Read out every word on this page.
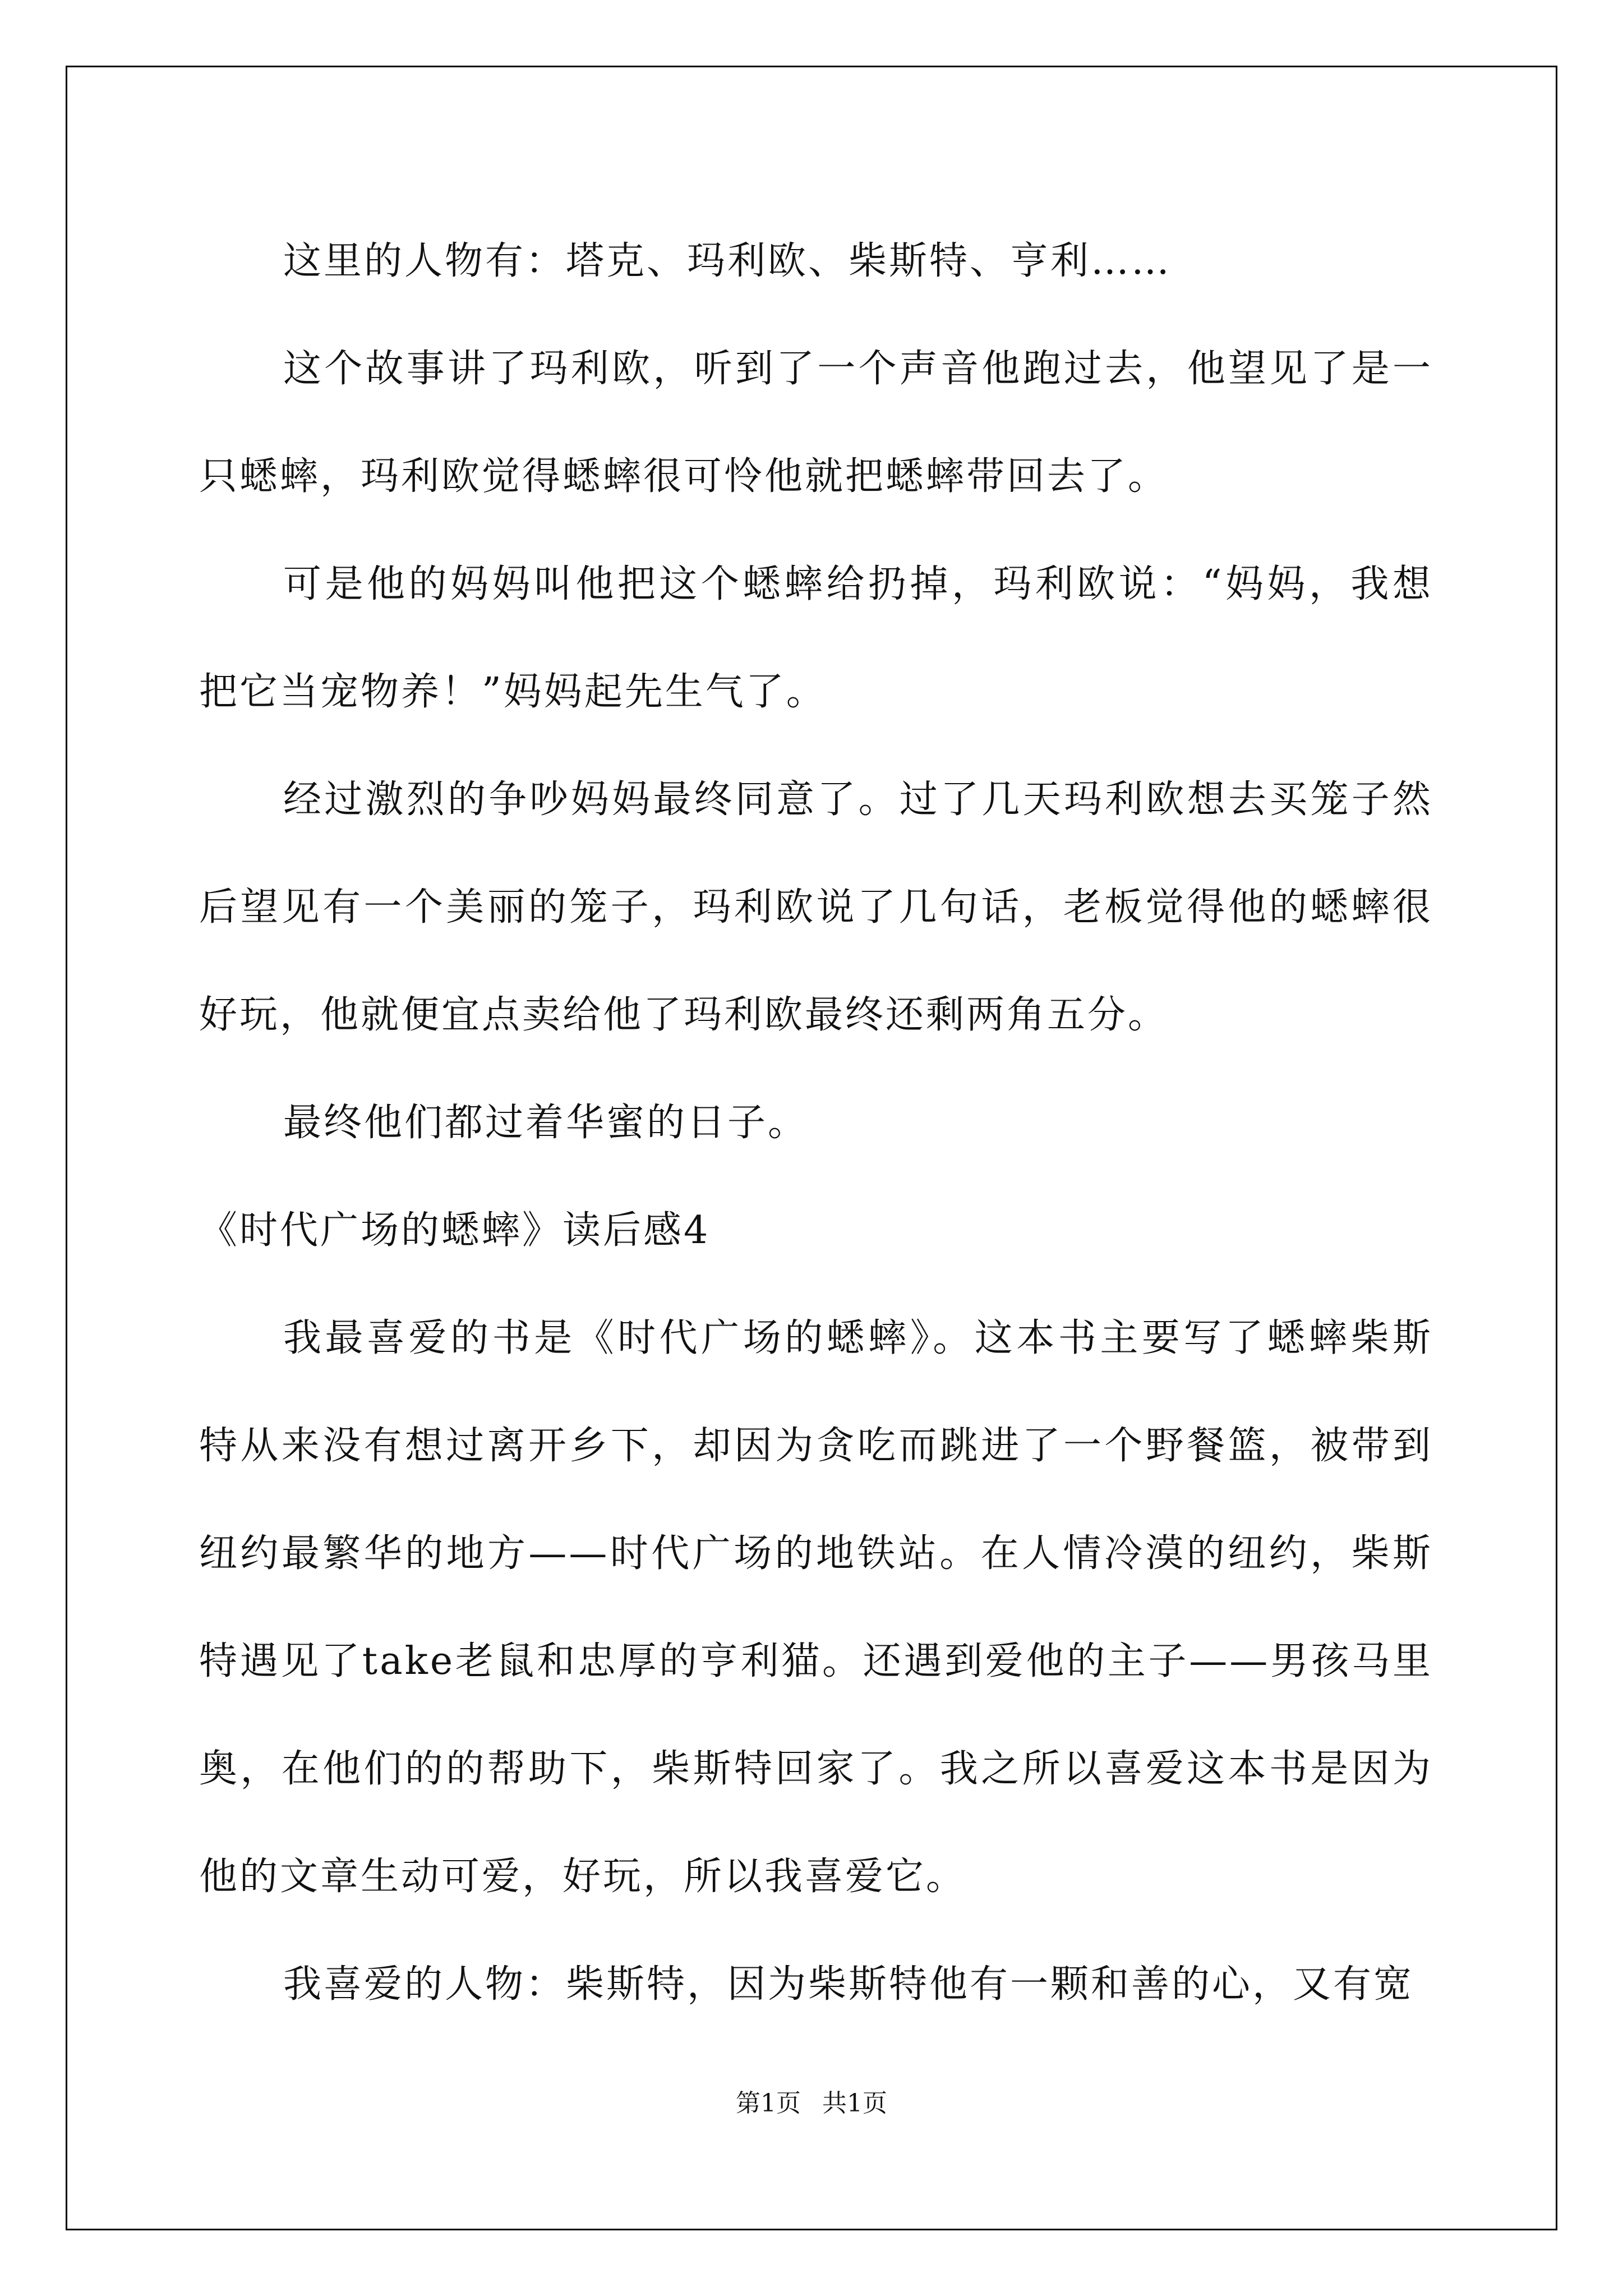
这里的人物有：塔克、玛利欧、柴斯特、亨利……

这个故事讲了玛利欧，听到了一个声音他跑过去，他望见了是一只蟋蟀，玛利欧觉得蟋蟀很可怜他就把蟋蟀带回去了。

可是他的妈妈叫他把这个蟋蟀给扔掉，玛利欧说：“妈妈，我想把它当宠物养！”妈妈起先生气了。

经过激烈的争吵妈妈最终同意了。过了几天玛利欧想去买笼子然后望见有一个美丽的笼子，玛利欧说了几句话，老板觉得他的蟋蟀很好玩，他就便宜点卖给他了玛利欧最终还剩两角五分。

最终他们都过着华蜜的日子。

《时代广场的蟋蟀》读后感4

我最喜爱的书是《时代广场的蟋蟀》。这本书主要写了蟋蟀柴斯特从来没有想过离开乡下，却因为贪吃而跳进了一个野餐篮，被带到纽约最繁华的地方——时代广场的地铁站。在人情冷漠的纽约，柴斯特遇见了take老鼠和忠厚的亨利猫。还遇到爱他的主子——男孩马里奥，在他们的的帮助下，柴斯特回家了。我之所以喜爱这本书是因为他的文章生动可爱，好玩，所以我喜爱它。

我喜爱的人物：柴斯特，因为柴斯特他有一颗和善的心，又有宽

第1页 共1页
